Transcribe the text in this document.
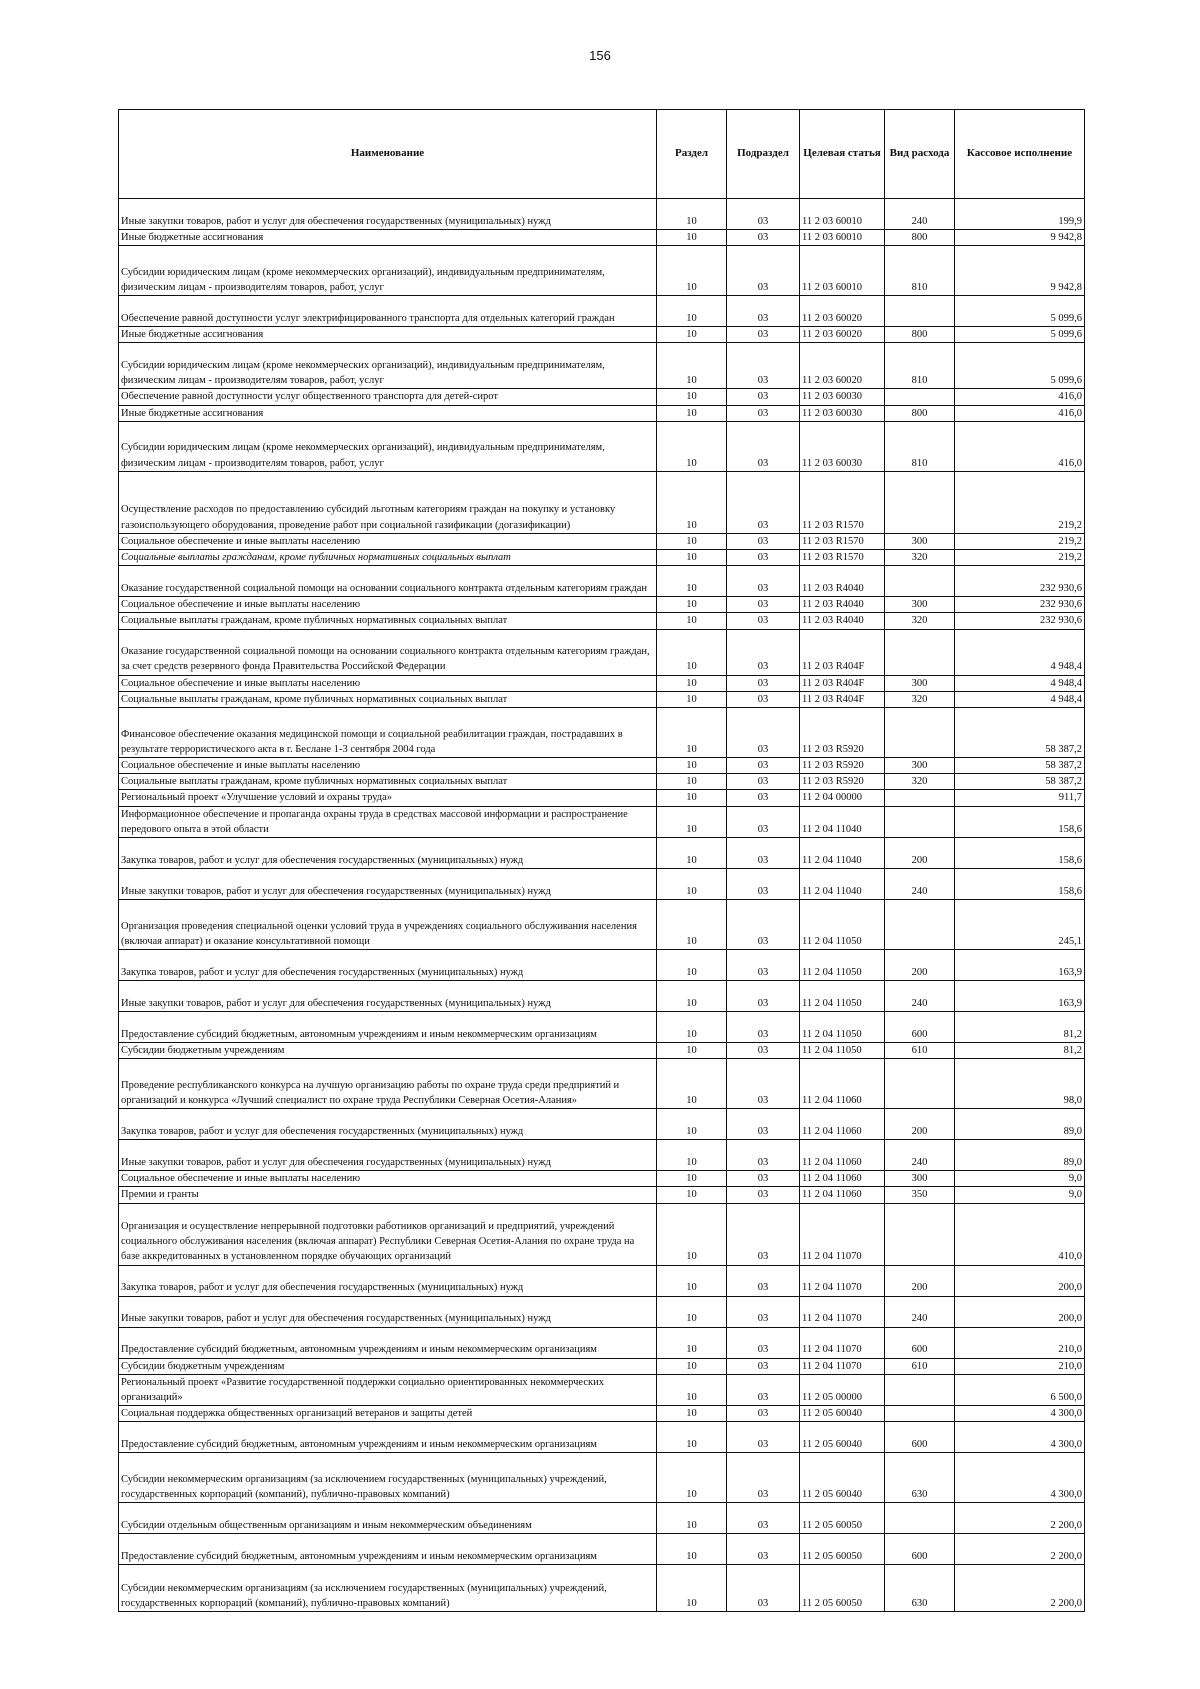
156
Наименование	Раздел	Подраздел	Целевая статья	Вид расхода	Кассовое исполнение
Иные закупки товаров, работ и услуг для обеспечения государственных (муниципальных) нужд	10	03	11 2 03 60010	240	199,9
Иные бюджетные ассигнования	10	03	11 2 03 60010	800	9 942,8
Субсидии юридическим лицам (кроме некоммерческих организаций), индивидуальным предпринимателям, физическим лицам - производителям товаров, работ, услуг	10	03	11 2 03 60010	810	9 942,8
Обеспечение равной доступности услуг электрифицированного транспорта для отдельных категорий граждан	10	03	11 2 03 60020		5 099,6
Иные бюджетные ассигнования	10	03	11 2 03 60020	800	5 099,6
Субсидии юридическим лицам (кроме некоммерческих организаций), индивидуальным предпринимателям, физическим лицам - производителям товаров, работ, услуг	10	03	11 2 03 60020	810	5 099,6
Обеспечение равной доступности услуг общественного транспорта для детей-сирот	10	03	11 2 03 60030		416,0
Иные бюджетные ассигнования	10	03	11 2 03 60030	800	416,0
Субсидии юридическим лицам (кроме некоммерческих организаций), индивидуальным предпринимателям, физическим лицам - производителям товаров, работ, услуг	10	03	11 2 03 60030	810	416,0
Осуществление расходов по предоставлению субсидий льготным категориям граждан на покупку и установку газоиспользующего оборудования, проведение работ при социальной газификации (догазификации)	10	03	11 2 03 R1570		219,2
Социальное обеспечение и иные выплаты населению	10	03	11 2 03 R1570	300	219,2
Социальные выплаты гражданам, кроме публичных нормативных социальных выплат	10	03	11 2 03 R1570	320	219,2
Оказание государственной социальной помощи на основании социального контракта отдельным категориям граждан	10	03	11 2 03 R4040		232 930,6
Социальное обеспечение и иные выплаты населению	10	03	11 2 03 R4040	300	232 930,6
Социальные выплаты гражданам, кроме публичных нормативных социальных выплат	10	03	11 2 03 R4040	320	232 930,6
Оказание государственной социальной помощи на основании социального контракта отдельным категориям граждан, за счет средств резервного фонда Правительства Российской Федерации	10	03	11 2 03 R404F		4 948,4
Социальное обеспечение и иные выплаты населению	10	03	11 2 03 R404F	300	4 948,4
Социальные выплаты гражданам, кроме публичных нормативных социальных выплат	10	03	11 2 03 R404F	320	4 948,4
Финансовое обеспечение оказания медицинской помощи и социальной реабилитации граждан, пострадавших в результате террористического акта в г. Беслане 1-3 сентября 2004 года	10	03	11 2 03 R5920		58 387,2
Социальное обеспечение и иные выплаты населению	10	03	11 2 03 R5920	300	58 387,2
Социальные выплаты гражданам, кроме публичных нормативных социальных выплат	10	03	11 2 03 R5920	320	58 387,2
Региональный проект «Улучшение условий и охраны труда»	10	03	11 2 04 00000		911,7
Информационное обеспечение и пропаганда охраны труда в средствах массовой информации и распространение передового опыта в этой области	10	03	11 2 04 11040		158,6
Закупка товаров, работ и услуг для обеспечения государственных (муниципальных) нужд	10	03	11 2 04 11040	200	158,6
Иные закупки товаров, работ и услуг для обеспечения государственных (муниципальных) нужд	10	03	11 2 04 11040	240	158,6
Организация проведения специальной оценки условий труда в учреждениях социального обслуживания населения (включая аппарат) и оказание консультативной помощи	10	03	11 2 04 11050		245,1
Закупка товаров, работ и услуг для обеспечения государственных (муниципальных) нужд	10	03	11 2 04 11050	200	163,9
Иные закупки товаров, работ и услуг для обеспечения государственных (муниципальных) нужд	10	03	11 2 04 11050	240	163,9
Предоставление субсидий бюджетным, автономным учреждениям и иным некоммерческим организациям	10	03	11 2 04 11050	600	81,2
Субсидии бюджетным учреждениям	10	03	11 2 04 11050	610	81,2
Проведение республиканского конкурса на лучшую организацию работы по охране труда среди предприятий и организаций и конкурса «Лучший специалист по охране труда Республики Северная Осетия-Алания»	10	03	11 2 04 11060		98,0
Закупка товаров, работ и услуг для обеспечения государственных (муниципальных) нужд	10	03	11 2 04 11060	200	89,0
Иные закупки товаров, работ и услуг для обеспечения государственных (муниципальных) нужд	10	03	11 2 04 11060	240	89,0
Социальное обеспечение и иные выплаты населению	10	03	11 2 04 11060	300	9,0
Премии и гранты	10	03	11 2 04 11060	350	9,0
Организация и осуществление непрерывной подготовки работников организаций и предприятий, учреждений социального обслуживания населения (включая аппарат) Республики Северная Осетия-Алания по охране труда на базе аккредитованных в установленном порядке обучающих организаций	10	03	11 2 04 11070		410,0
Закупка товаров, работ и услуг для обеспечения государственных (муниципальных) нужд	10	03	11 2 04 11070	200	200,0
Иные закупки товаров, работ и услуг для обеспечения государственных (муниципальных) нужд	10	03	11 2 04 11070	240	200,0
Предоставление субсидий бюджетным, автономным учреждениям и иным некоммерческим организациям	10	03	11 2 04 11070	600	210,0
Субсидии бюджетным учреждениям	10	03	11 2 04 11070	610	210,0
Региональный проект «Развитие государственной поддержки социально ориентированных некоммерческих организаций»	10	03	11 2 05 00000		6 500,0
Социальная поддержка общественных организаций ветеранов и защиты детей	10	03	11 2 05 60040		4 300,0
Предоставление субсидий бюджетным, автономным учреждениям и иным некоммерческим организациям	10	03	11 2 05 60040	600	4 300,0
Субсидии некоммерческим организациям (за исключением государственных (муниципальных) учреждений, государственных корпораций (компаний), публично-правовых компаний)	10	03	11 2 05 60040	630	4 300,0
Субсидии отдельным общественным организациям и иным некоммерческим объединениям	10	03	11 2 05 60050		2 200,0
Предоставление субсидий бюджетным, автономным учреждениям и иным некоммерческим организациям	10	03	11 2 05 60050	600	2 200,0
Субсидии некоммерческим организациям (за исключением государственных (муниципальных) учреждений, государственных корпораций (компаний), публично-правовых компаний)	10	03	11 2 05 60050	630	2 200,0
